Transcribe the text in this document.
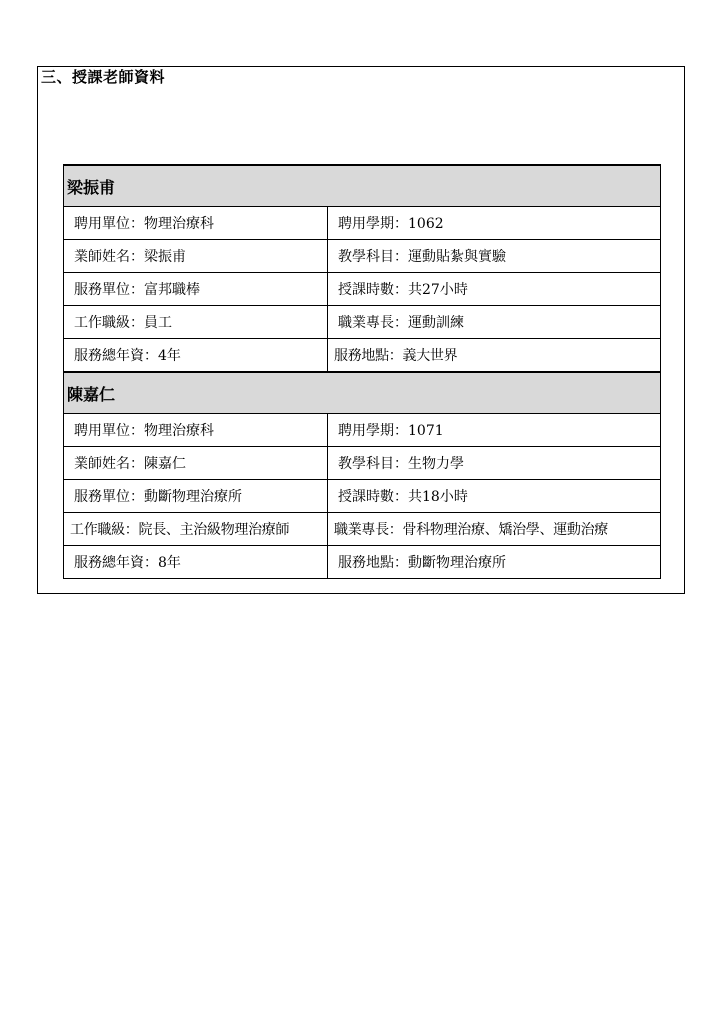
三、授課老師資料
梁振甫	
聘用單位：物理治療科	聘用學期：1062
業師姓名：梁振甫	教學科目：運動貼紮與實驗
服務單位：富邦職棒	授課時數：共27小時
工作職級：員工	職業專長：運動訓練
服務總年資：4年	服務地點：義大世界
陳嘉仁	
聘用單位：物理治療科	聘用學期：1071
業師姓名：陳嘉仁	教學科目：生物力學
服務單位：動斷物理治療所	授課時數：共18小時
工作職級：院長、主治級物理治療師	職業專長：骨科物理治療、矯治學、運動治療
服務總年資：8年	服務地點：動斷物理治療所
